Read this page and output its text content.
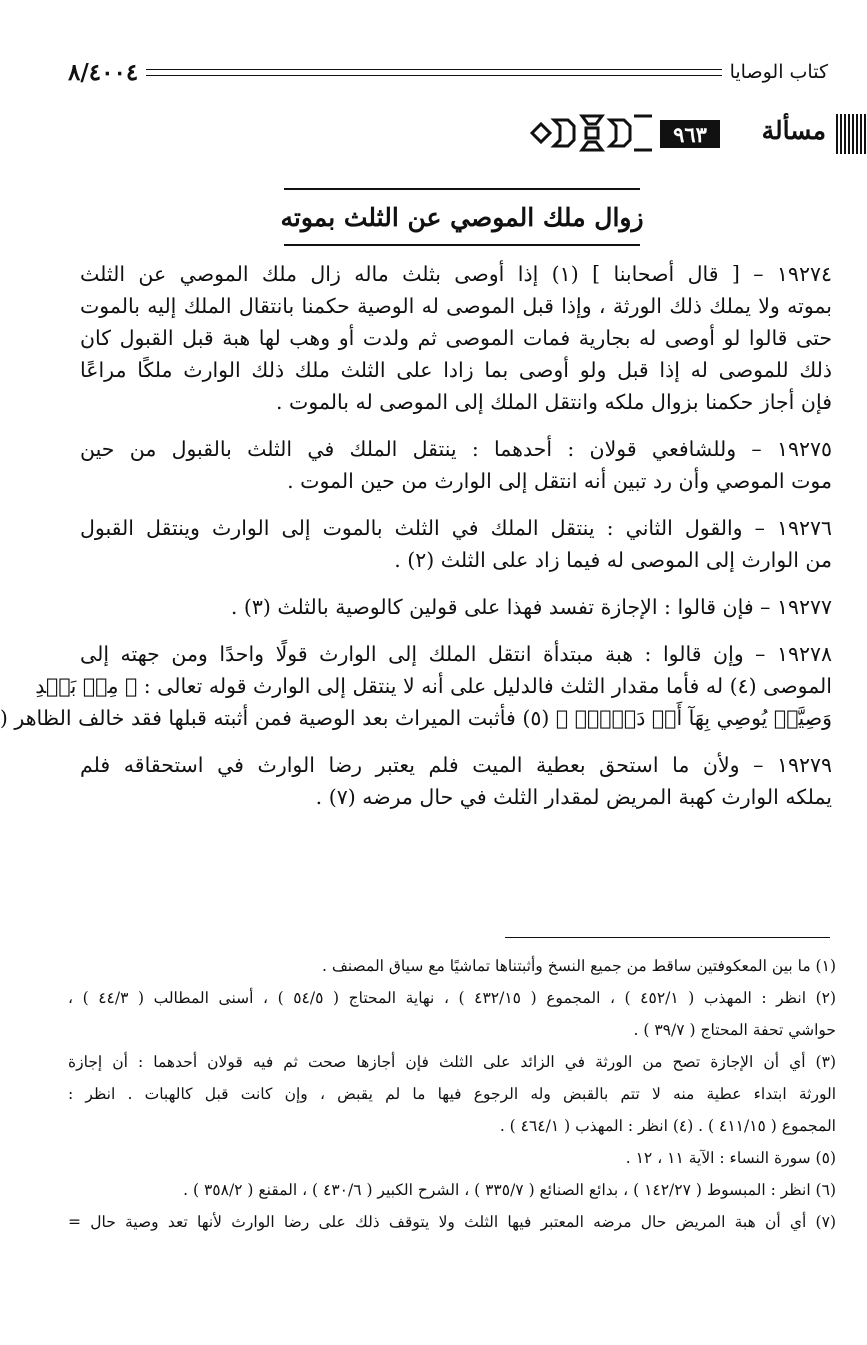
كتاب الوصايا
٨/٤٠٠٤
مسألة
٩٦٣
زوال ملك الموصي عن الثلث بموته
١٩٢٧٤ – [ قال أصحابنا ] (١) إذا أوصى بثلث ماله زال ملك الموصي عن الثلث
بموته ولا يملك ذلك الورثة ، وإذا قبل الموصى له الوصية حكمنا بانتقال الملك إليه بالموت
حتى قالوا لو أوصى له بجارية فمات الموصى ثم ولدت أو وهب لها هبة قبل القبول كان
ذلك للموصى له إذا قبل ولو أوصى بما زادا على الثلث ملك ذلك الوارث ملكًا مراعًا
فإن أجاز حكمنا بزوال ملكه وانتقل الملك إلى الموصى له بالموت .
١٩٢٧٥ – وللشافعي قولان : أحدهما : ينتقل الملك في الثلث بالقبول من حين
موت الموصي وأن رد تبين أنه انتقل إلى الوارث من حين الموت .
١٩٢٧٦ – والقول الثاني : ينتقل الملك في الثلث بالموت إلى الوارث وينتقل القبول
من الوارث إلى الموصى له فيما زاد على الثلث (٢) .
١٩٢٧٧ – فإن قالوا : الإجازة تفسد فهذا على قولين كالوصية بالثلث (٣) .
١٩٢٧٨ – وإن قالوا : هبة مبتدأة انتقل الملك إلى الوارث قولًا واحدًا ومن جهته إلى
الموصى (٤) له فأما مقدار الثلث فالدليل على أنه لا ينتقل إلى الوارث قوله تعالى : ﴿ مِنۢ بَعۡدِ
وَصِيَّةٖ يُوصِي بِهَآ أَوۡ دَيۡنٍۗ ﴾ (٥) فأثبت الميراث بعد الوصية فمن أثبته قبلها فقد خالف الظاهر (
١٩٢٧٩ – ولأن ما استحق بعطية الميت فلم يعتبر رضا الوارث في استحقاقه فلم
يملكه الوارث كهبة المريض لمقدار الثلث في حال مرضه (٧) .
(١) ما بين المعكوفتين ساقط من جميع النسخ وأثبتناها تماشيًا مع سياق المصنف .
(٢) انظر : المهذب ( ٤٥٢/١ ) ، المجموع ( ٤٣٢/١٥ ) ، نهاية المحتاج ( ٥٤/٥ ) ، أسنى المطالب ( ٤٤/٣ ) ،
حواشي تحفة المحتاج ( ٣٩/٧ ) .
(٣) أي أن الإجازة تصح من الورثة في الزائد على الثلث فإن أجازها صحت ثم فيه قولان أحدهما : أن إجازة
الورثة ابتداء عطية منه لا تتم بالقبض وله الرجوع فيها ما لم يقبض ، وإن كانت قبل كالهبات . انظر :
المجموع ( ٤١١/١٥ ) . (٤) انظر : المهذب ( ٤٦٤/١ ) .
(٥) سورة النساء : الآية ١١ ، ١٢ .
(٦) انظر : المبسوط ( ١٤٢/٢٧ ) ، بدائع الصنائع ( ٣٣٥/٧ ) ، الشرح الكبير ( ٤٣٠/٦ ) ، المقنع ( ٣٥٨/٢ ) .
(٧) أي أن هبة المريض حال مرضه المعتبر فيها الثلث ولا يتوقف ذلك على رضا الوارث لأنها تعد وصية حال =
